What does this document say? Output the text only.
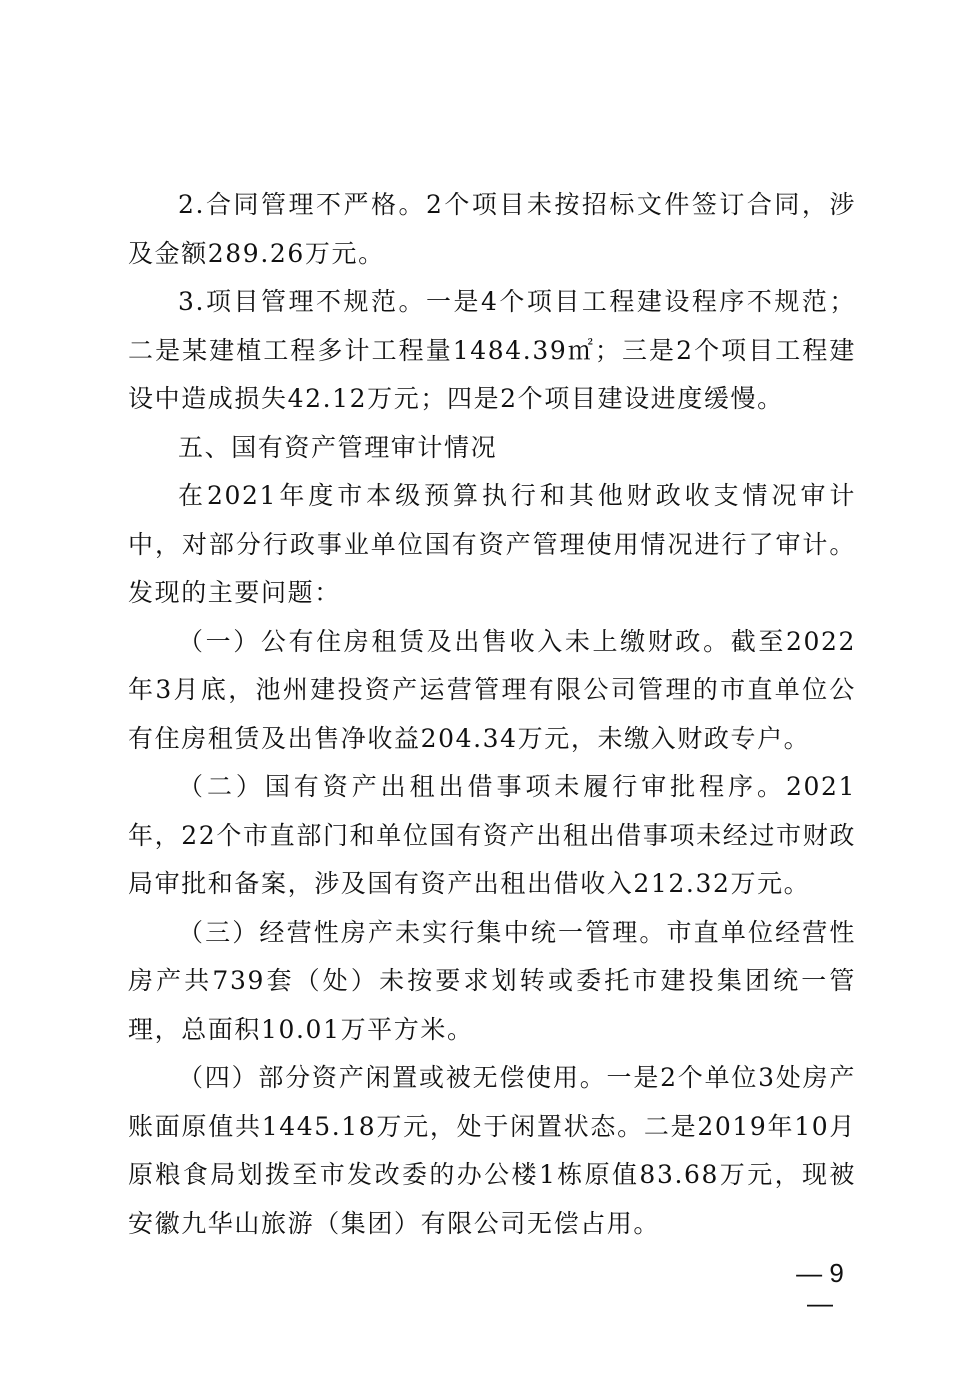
2.合同管理不严格。2个项目未按招标文件签订合同，涉及金额289.26万元。

3.项目管理不规范。一是4个项目工程建设程序不规范；二是某建植工程多计工程量1484.39㎡；三是2个项目工程建设中造成损失42.12万元；四是2个项目建设进度缓慢。

五、国有资产管理审计情况

在2021年度市本级预算执行和其他财政收支情况审计中，对部分行政事业单位国有资产管理使用情况进行了审计。发现的主要问题：

（一）公有住房租赁及出售收入未上缴财政。截至2022年3月底，池州建投资产运营管理有限公司管理的市直单位公有住房租赁及出售净收益204.34万元，未缴入财政专户。

（二）国有资产出租出借事项未履行审批程序。2021年，22个市直部门和单位国有资产出租出借事项未经过市财政局审批和备案，涉及国有资产出租出借收入212.32万元。

（三）经营性房产未实行集中统一管理。市直单位经营性房产共739套（处）未按要求划转或委托市建投集团统一管理，总面积10.01万平方米。

（四）部分资产闲置或被无偿使用。一是2个单位3处房产账面原值共1445.18万元，处于闲置状态。二是2019年10月原粮食局划拨至市发改委的办公楼1栋原值83.68万元，现被安徽九华山旅游（集团）有限公司无偿占用。

— 9 —
